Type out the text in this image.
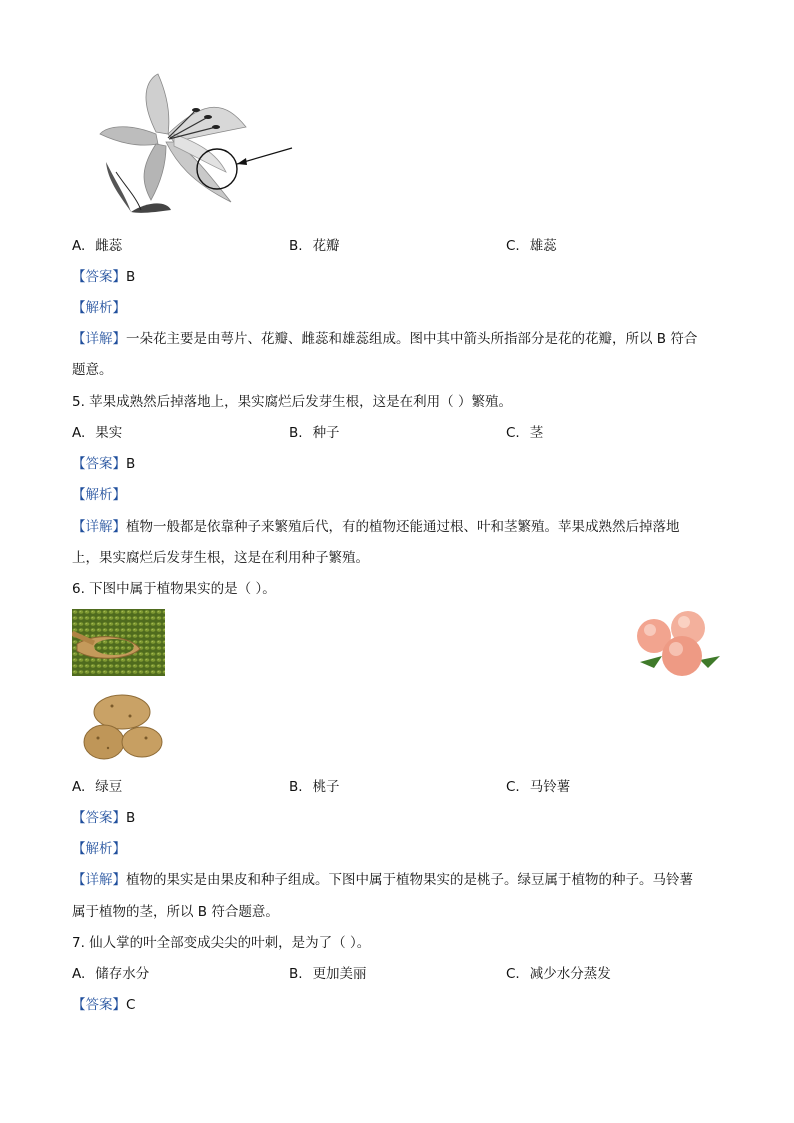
A. 雌蕊	B. 花瓣	C. 雄蕊
【答案】B
【解析】
【详解】一朵花主要是由萼片、花瓣、雌蕊和雄蕊组成。图中其中箭头所指部分是花的花瓣，所以 B 符合
题意。
5. 苹果成熟然后掉落地上，果实腐烂后发芽生根，这是在利用（ ）繁殖。
A. 果实	B. 种子	C. 茎
【答案】B
【解析】
【详解】植物一般都是依靠种子来繁殖后代，有的植物还能通过根、叶和茎繁殖。苹果成熟然后掉落地
上，果实腐烂后发芽生根，这是在利用种子繁殖。
6. 下图中属于植物果实的是（ ）。
A. 绿豆	B. 桃子	C. 马铃薯
【答案】B
【解析】
【详解】植物的果实是由果皮和种子组成。下图中属于植物果实的是桃子。绿豆属于植物的种子。马铃薯
属于植物的茎，所以 B 符合题意。
7. 仙人掌的叶全部变成尖尖的叶刺，是为了（ ）。
A. 储存水分	B. 更加美丽	C. 减少水分蒸发
【答案】C
